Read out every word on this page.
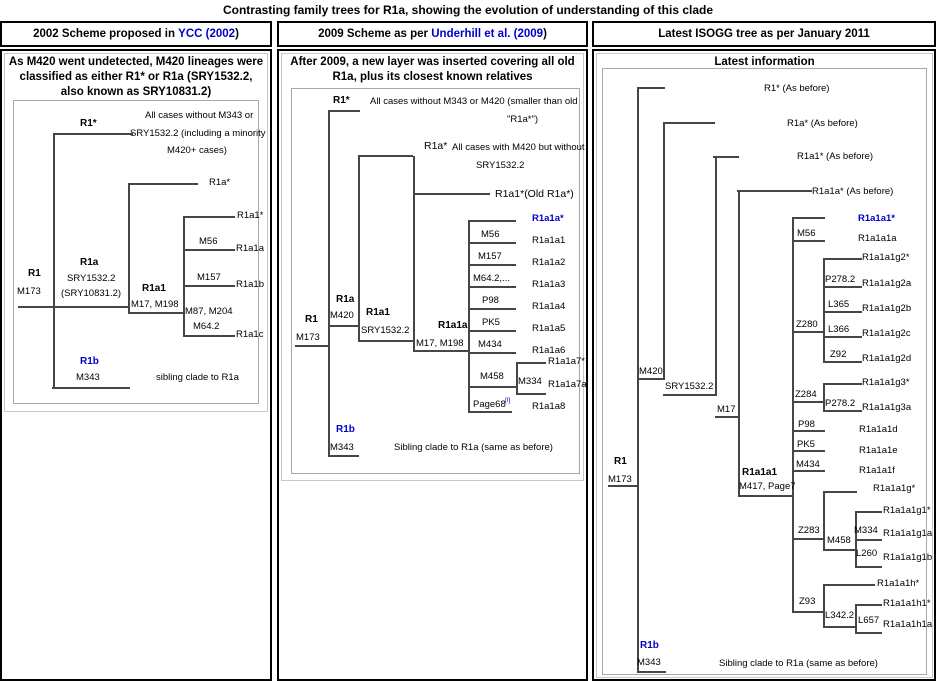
Contrasting family trees for R1a, showing the evolution of understanding of this clade
2002 Scheme proposed in YCC (2002 )	2009 Scheme as per Underhill et al. (2009 )	Latest ISOGG tree as per January 2011
As M420 went undetected, M420 lineages were classified as either R1* or R1a (SRY1532.2, also known as SRY10831.2)
After 2009, a new layer was inserted covering all old R1a, plus its closest known relatives
Latest information
R1*
All cases without M343 or
SRY1532.2 (including a minority
M420+ cases)
R1a*
R1
M173
R1a
SRY1532.2
(SRY10831.2) R1a1
M17, M198
R1a1*
M56
R1a1a
M157
R1a1b
M87, M204
M64.2
R1a1c
R1b
M343	sibling clade to R1a
R1* All cases without M343 or M420 (smaller than old
"R1a*")
R1a* All cases with M420 but without
SRY1532.2
R1a1*(Old R1a*)
R1
M173
R1a
M420 R1a1
SRY1532.2	R1a1a
M17, M198
R1a1a*
M56
R1a1a1
M157
R1a1a2
M64.2,...
R1a1a3
P98
R1a1a4
PK5
R1a1a5
M434
R1a1a6
M458
R1a1a7*
M334 R1a1a7a
Page68 [l]
R1a1a8
R1b
M343	Sibling clade to R1a (same as before)
R1* (As before)
R1a* (As before)
R1a1* (As before)
R1a1a* (As before)
R1
M173
M420
SRY1532.2
M17
R1a1a1
M417, Page7
R1a1a1*
M56	R1a1a1a
Z280
R1a1a1g2*
P278.2 R1a1a1g2a
L365 R1a1a1g2b
L366 R1a1a1g2c
Z92 R1a1a1g2d
Z284
R1a1a1g3*
P278.2 R1a1a1g3a
P98	R1a1a1d
PK5
R1a1a1e
M434
R1a1a1f
R1a1a1g*
Z283
M458
R1a1a1g1*
M334 R1a1a1g1a
L260 R1a1a1g1b
R1a1a1h*
Z93
L342.2
R1a1a1h1*
L657 R1a1a1h1a
R1b
M343	Sibling clade to R1a (same as before)
